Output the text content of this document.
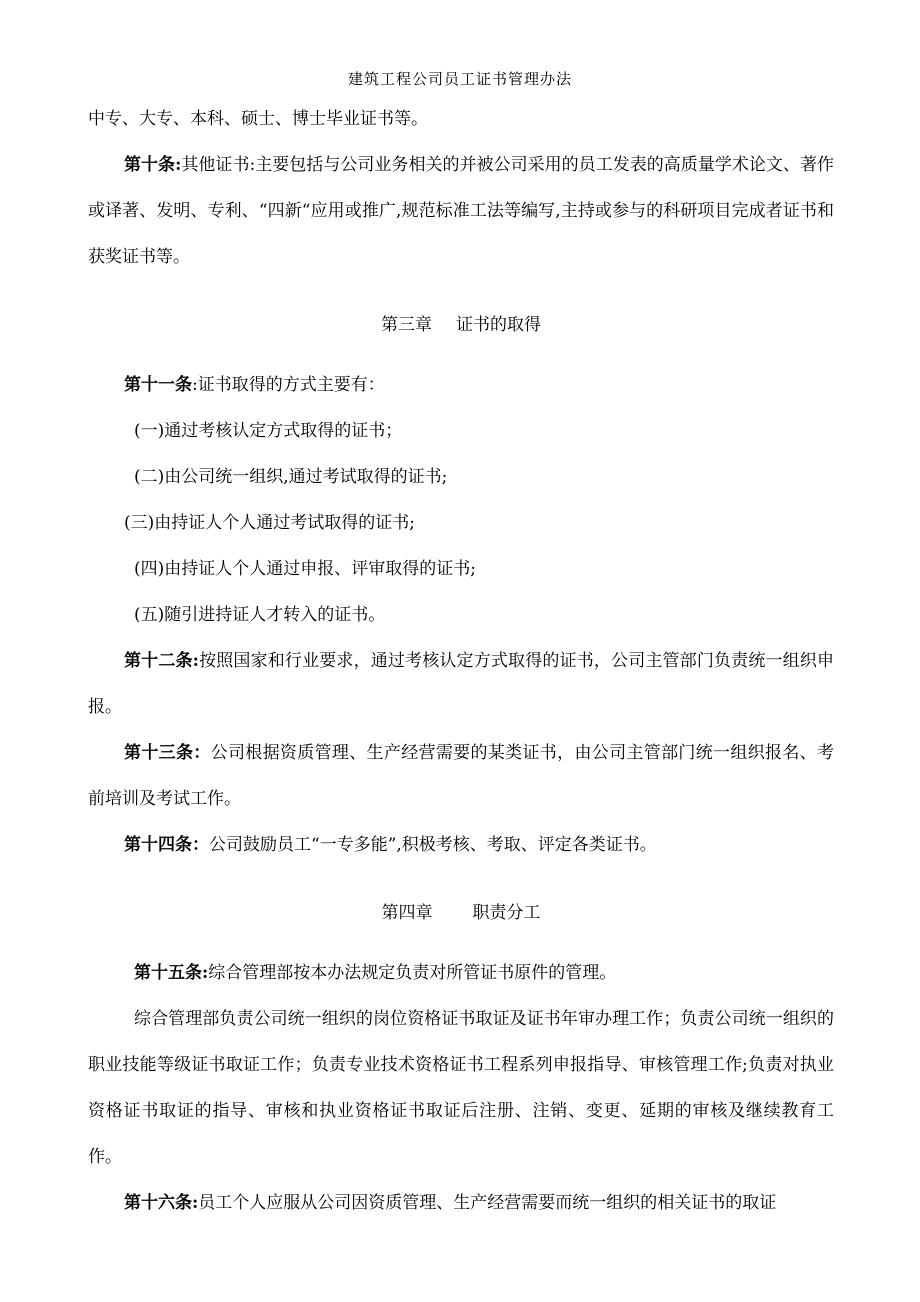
建筑工程公司员工证书管理办法

中专、大专、本科、硕士、博士毕业证书等。

第十条:其他证书:主要包括与公司业务相关的并被公司采用的员工发表的高质量学术论文、著作或译著、发明、专利、“四新“应用或推广,规范标准工法等编写,主持或参与的科研项目完成者证书和获奖证书等。

第三章 证书的取得

第十一条:证书取得的方式主要有：

(一)通过考核认定方式取得的证书；

(二)由公司统一组织,通过考试取得的证书;

(三)由持证人个人通过考试取得的证书;

(四)由持证人个人通过申报、评审取得的证书;

(五)随引进持证人才转入的证书。

第十二条:按照国家和行业要求，通过考核认定方式取得的证书，公司主管部门负责统一组织申报。

第十三条：公司根据资质管理、生产经营需要的某类证书，由公司主管部门统一组织报名、考前培训及考试工作。

第十四条：公司鼓励员工“一专多能”,积极考核、考取、评定各类证书。

第四章 职责分工

第十五条:综合管理部按本办法规定负责对所管证书原件的管理。

综合管理部负责公司统一组织的岗位资格证书取证及证书年审办理工作；负责公司统一组织的职业技能等级证书取证工作；负责专业技术资格证书工程系列申报指导、审核管理工作;负责对执业资格证书取证的指导、审核和执业资格证书取证后注册、注销、变更、延期的审核及继续教育工作。

第十六条:员工个人应服从公司因资质管理、生产经营需要而统一组织的相关证书的取证
